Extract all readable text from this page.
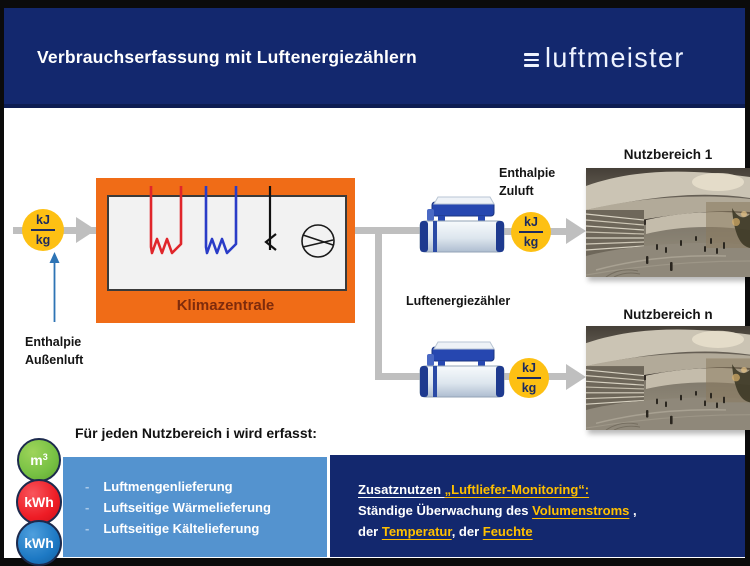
Verbrauchserfassung mit Luftenergiezählern	luftmeister
kJ
kg
Enthalpie
Außenluft
Klimazentrale
Enthalpie
Zuluft
Luftenergiezähler
kJ
kg
kJ
kg
Nutzbereich 1
Nutzbereich n
Für jeden Nutzbereich i wird erfasst:
- Luftmengenlieferung
- Luftseitige Wärmelieferung
- Luftseitige Kältelieferung
$m^3$
kWh
kWh
Zusatznutzen „Luftliefer-Monitoring“:
Ständige Überwachung des Volumenstroms ,
der Temperatur, der Feuchte
